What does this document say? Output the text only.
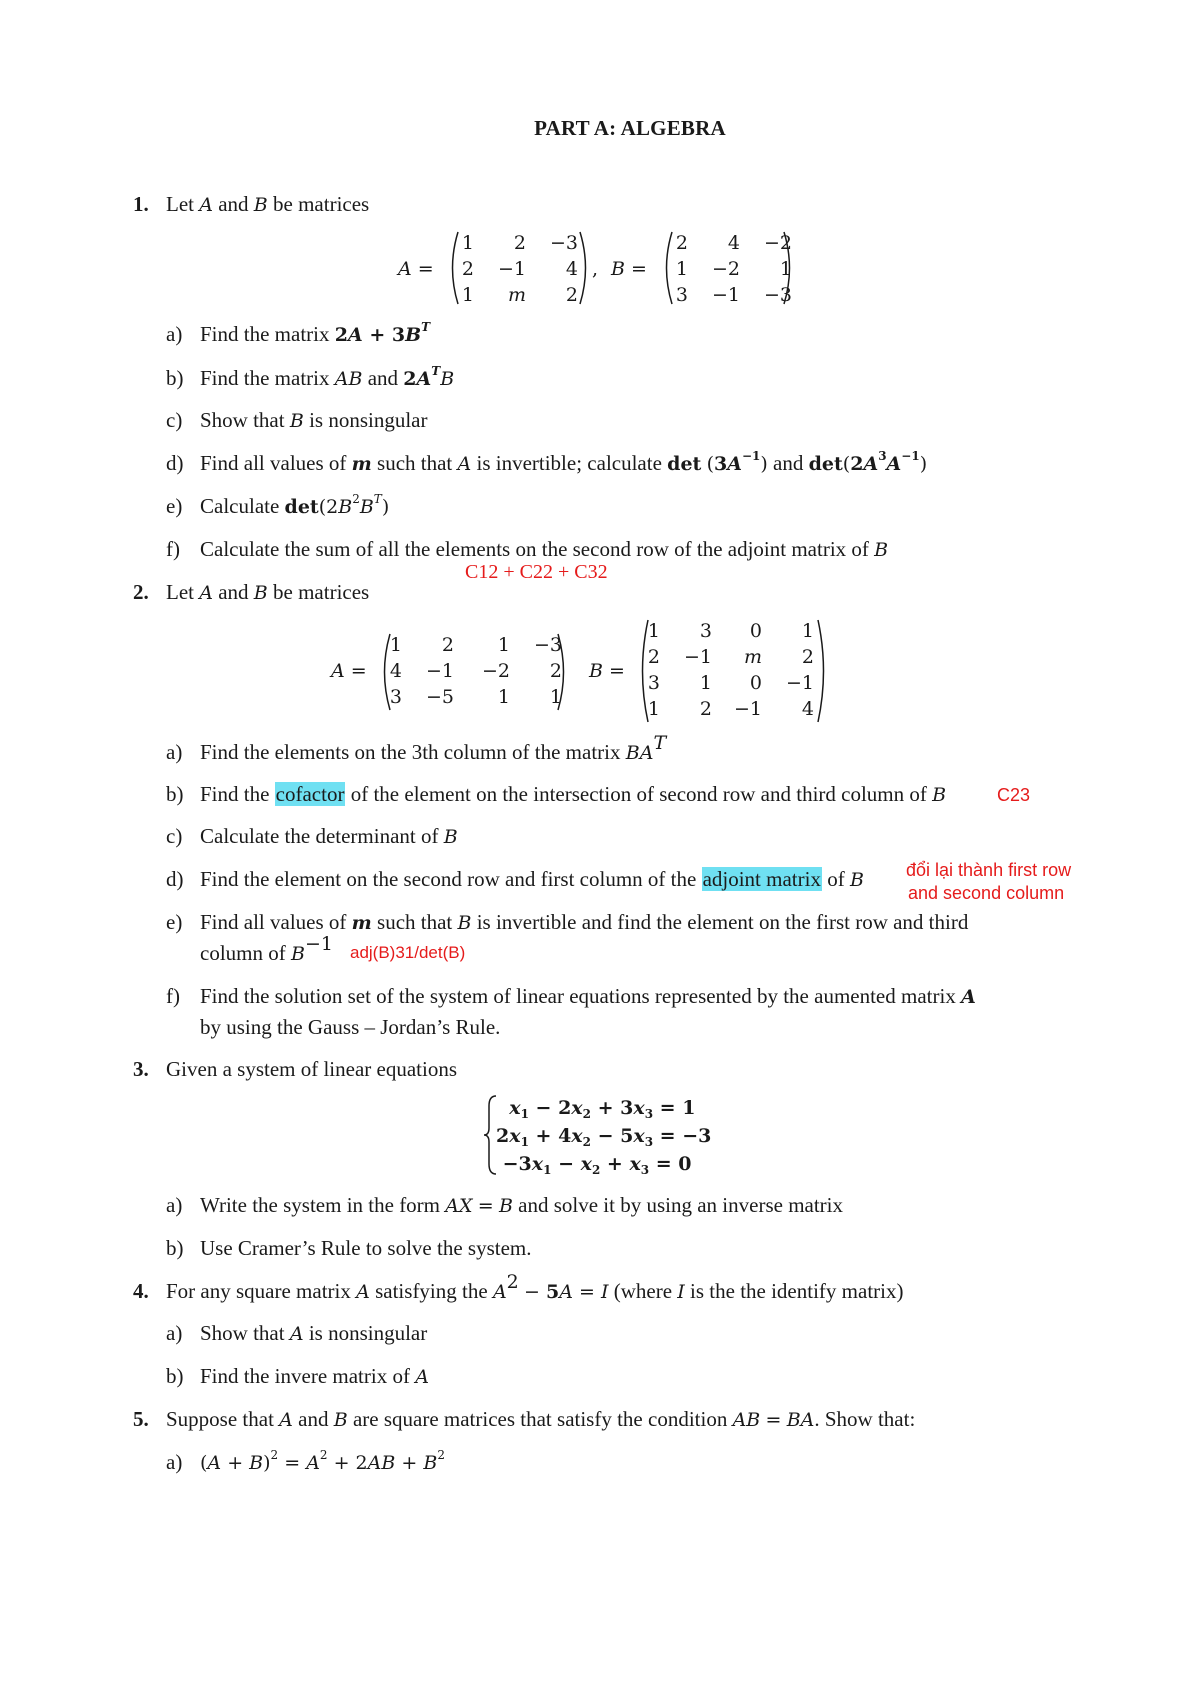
PART A: ALGEBRA
1. Let A and B be matrices
A =
1	2	−3
2	−1	4
1	m	2
, B =
2	4	−2
1	−2	1
3	−1	−3
a) Find the matrix $2A + 3B^T$
b) Find the matrix AB and $2A^TB$
c) Show that B is nonsingular
d) Find all values of m such that A is invertible; calculate $\det (3A^{-1})$ and $\det(2A^3A^{-1})$
e) Calculate $\det(2B^2B^T)$
f) Calculate the sum of all the elements on the second row of the adjoint matrix of B
C12 + C22 + C32
2. Let A and B be matrices
A =
1	2	1	−3
4	−1	−2	2
3	−5	1	1
B =
1	3	0	1
2	−1	m	2
3	1	0	−1
1	2	−1	4
a) Find the elements on the 3th column of the matrix $BA^T$
b) Find the cofactor of the element on the intersection of second row and third column of B	C23
c) Calculate the determinant of B
d) Find the element on the second row and first column of the adjoint matrix of B đổi lại thành first row
and second column
e) Find all values of m such that B is invertible and find the element on the first row and third
column of $B^{-1}$ adj(B)31/det(B)
f) Find the solution set of the system of linear equations represented by the aumented matrix A
by using the Gauss – Jordan’s Rule.
3. Given a system of linear equations
$x_1 - 2x_2 + 3x_3 = 1$
$2x_1 + 4x_2 - 5x_3 = -3$
$-3x_1 - x_2 + x_3 = 0$
a) Write the system in the form AX = B and solve it by using an inverse matrix
b) Use Cramer’s Rule to solve the system.
4. For any square matrix A satisfying the $A^2 - 5A = I$ (where I is the the identify matrix)
a) Show that A is nonsingular
b) Find the invere matrix of A
5. Suppose that A and B are square matrices that satisfy the condition AB = BA. Show that:
a) $(A + B)^2 = A^2 + 2AB + B^2$
